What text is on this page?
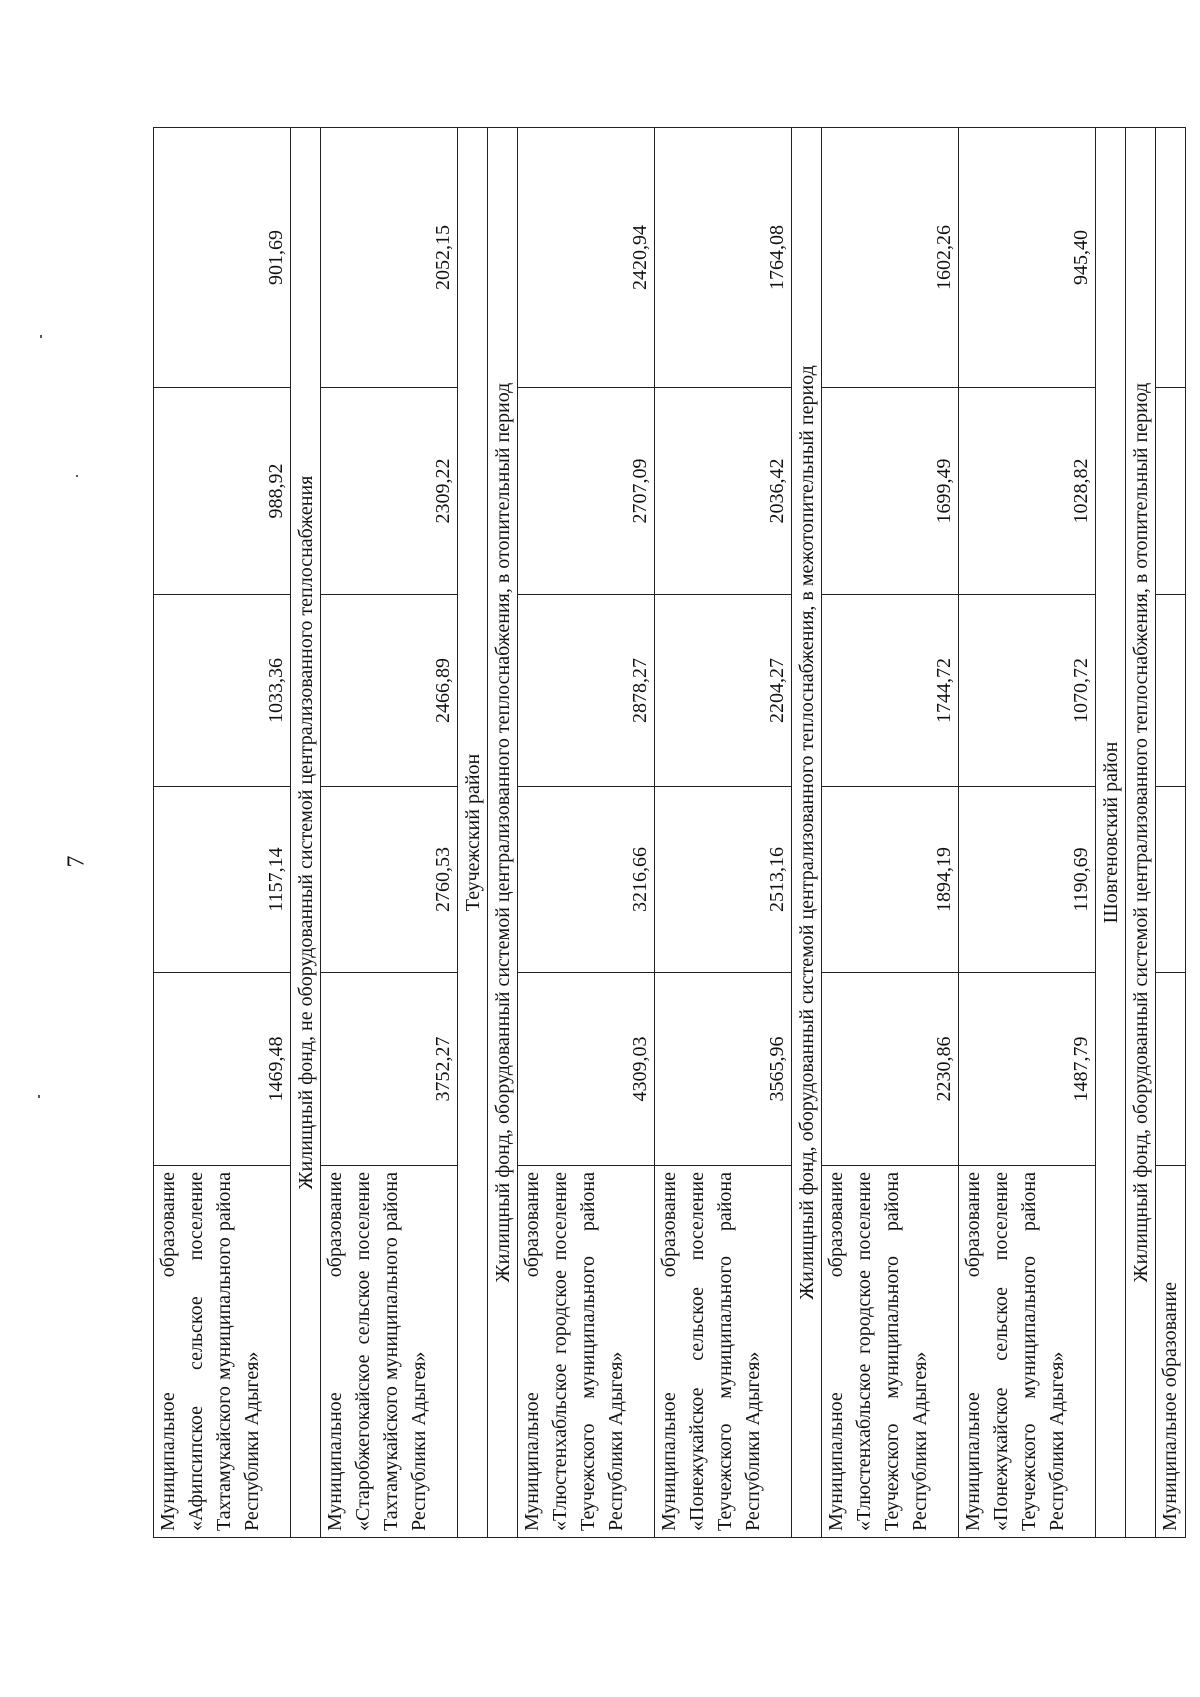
7
Муниципальное образование «Афипсипское сельское поселение Тахтамукайского муниципального района Республики Адыгея»	1469,48	1157,14	1033,36	988,92	901,69
Жилищный фонд, не оборудованный системой централизованного теплоснабжения					
Муниципальное образование «Старобжегокайское сельское поселение Тахтамукайского муниципального района Республики Адыгея»	3752,27	2760,53	2466,89	2309,22	2052,15
Теучежский район					
Жилищный фонд, оборудованный системой централизованного теплоснабжения, в отопительный период					
Муниципальное образование «Тлюстенхабльское городское поселение Теучежского муниципального района Республики Адыгея»	4309,03	3216,66	2878,27	2707,09	2420,94
Муниципальное образование «Понежукайское сельское поселение Теучежского муниципального района Республики Адыгея»	3565,96	2513,16	2204,27	2036,42	1764,08
Жилищный фонд, оборудованный системой централизованного теплоснабжения, в межотопительный период					
Муниципальное образование «Тлюстенхабльское городское поселение Теучежского муниципального района Республики Адыгея»	2230,86	1894,19	1744,72	1699,49	1602,26
Муниципальное образование «Понежукайское сельское поселение Теучежского муниципального района Республики Адыгея»	1487,79	1190,69	1070,72	1028,82	945,40
Шовгеновский район					
Жилищный фонд, оборудованный системой централизованного теплоснабжения, в отопительный период					
Муниципальное образование					
